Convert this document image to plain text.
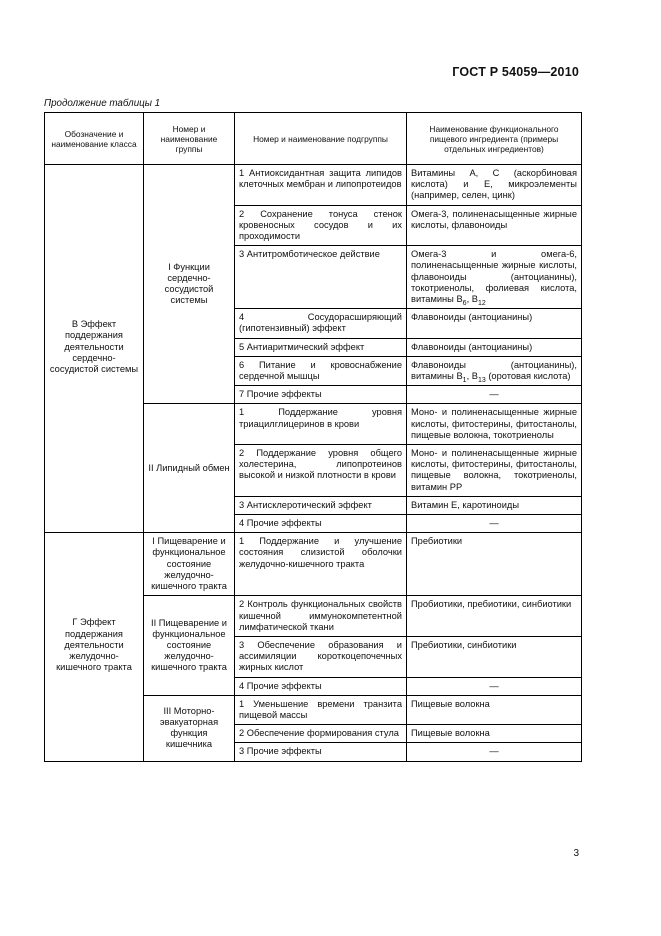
ГОСТ Р 54059—2010
Продолжение таблицы 1
Обозначение и наименование класса	Номер и наименование группы	Номер и наименование подгруппы	Наименование функционального пищевого ингредиента (примеры отдельных ингредиентов)
В Эффект поддержания деятельности сердечно-сосудистой системы	I Функции сердечно-сосудистой системы	1 Антиоксидантная защита липидов клеточных мембран и липопротеидов	Витамины А, С (аскорбиновая кислота) и Е, микроэлементы (например, селен, цинк)
		2 Сохранение тонуса стенок кровеносных сосудов и их проходимости	Омега-3, полиненасыщенные жирные кислоты, флавоноиды
		3 Антитромботическое действие	Омега-3 и омега-6, полиненасыщенные жирные кислоты, флавоноиды (антоцианины), токотриенолы, фолиевая кислота, витамины $B_6$, $B_{12}$
		4 Сосудорасширяющий (гипотензивный) эффект	Флавоноиды (антоцианины)
		5 Антиаритмический эффект	Флавоноиды (антоцианины)
		6 Питание и кровоснабжение сердечной мышцы	Флавоноиды (антоцианины), витамины $B_1$, $B_{13}$ (оротовая кислота)
		7 Прочие эффекты	—
	II Липидный обмен	1 Поддержание уровня триацилглицеринов в крови	Моно- и полиненасыщенные жирные кислоты, фитостерины, фитостанолы, пищевые волокна, токотриенолы
		2 Поддержание уровня общего холестерина, липопротеинов высокой и низкой плотности в крови	Моно- и полиненасыщенные жирные кислоты, фитостерины, фитостанолы, пищевые волокна, токотриенолы, витамин РР
		3 Антисклеротический эффект	Витамин Е, каротиноиды
		4 Прочие эффекты	—
Г Эффект поддержания деятельности желудочно-кишечного тракта	I Пищеварение и функциональное состояние желудочно-кишечного тракта	1 Поддержание и улучшение состояния слизистой оболочки желудочно-кишечного тракта	Пребиотики
	II Пищеварение и функциональное состояние желудочно-кишечного тракта	2 Контроль функциональных свойств кишечной иммунокомпетентной лимфатической ткани	Пробиотики, пребиотики, синбиотики
		3 Обеспечение образования и ассимиляции короткоцепочечных жирных кислот	Пребиотики, синбиотики
		4 Прочие эффекты	—
	III Моторно-эвакуаторная функция кишечника	1 Уменьшение времени транзита пищевой массы	Пищевые волокна
		2 Обеспечение формирования стула	Пищевые волокна
		3 Прочие эффекты	—
3
